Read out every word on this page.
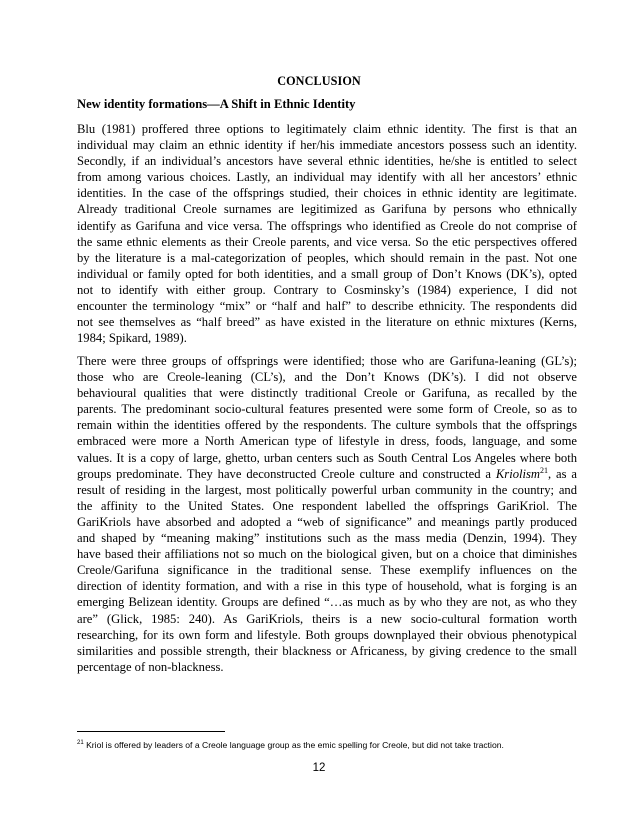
CONCLUSION
New identity formations—A Shift in Ethnic Identity
Blu (1981) proffered three options to legitimately claim ethnic identity. The first is that an
individual may claim an ethnic identity if her/his immediate ancestors possess such an identity.
Secondly, if an individual’s ancestors have several ethnic identities, he/she is entitled to select
from among various choices. Lastly, an individual may identify with all her ancestors’ ethnic
identities. In the case of the offsprings studied, their choices in ethnic identity are legitimate.
Already traditional Creole surnames are legitimized as Garifuna by persons who ethnically
identify as Garifuna and vice versa. The offsprings who identified as Creole do not comprise of
the same ethnic elements as their Creole parents, and vice versa. So the etic perspectives offered
by the literature is a mal-categorization of peoples, which should remain in the past. Not one
individual or family opted for both identities, and a small group of Don’t Knows (DK’s), opted
not to identify with either group. Contrary to Cosminsky’s (1984) experience, I did not
encounter the terminology “mix” or “half and half” to describe ethnicity. The respondents did
not see themselves as “half breed” as have existed in the literature on ethnic mixtures (Kerns,
1984; Spikard, 1989).
There were three groups of offsprings were identified; those who are Garifuna-leaning (GL’s);
those who are Creole-leaning (CL’s), and the Don’t Knows (DK’s). I did not observe
behavioural qualities that were distinctly traditional Creole or Garifuna, as recalled by the
parents. The predominant socio-cultural features presented were some form of Creole, so as to
remain within the identities offered by the respondents. The culture symbols that the offsprings
embraced were more a North American type of lifestyle in dress, foods, language, and some
values. It is a copy of large, ghetto, urban centers such as South Central Los Angeles where both
groups predominate. They have deconstructed Creole culture and constructed a Kriolism$^{21}$, as a
result of residing in the largest, most politically powerful urban community in the country; and
the affinity to the United States. One respondent labelled the offsprings GariKriol. The
GariKriols have absorbed and adopted a “web of significance” and meanings partly produced
and shaped by “meaning making” institutions such as the mass media (Denzin, 1994). They
have based their affiliations not so much on the biological given, but on a choice that diminishes
Creole/Garifuna significance in the traditional sense. These exemplify influences on the
direction of identity formation, and with a rise in this type of household, what is forging is an
emerging Belizean identity. Groups are defined “…as much as by who they are not, as who they
are” (Glick, 1985: 240). As GariKriols, theirs is a new socio-cultural formation worth
researching, for its own form and lifestyle. Both groups downplayed their obvious phenotypical
similarities and possible strength, their blackness or Africaness, by giving credence to the small
percentage of non-blackness.
$^{21}$ Kriol is offered by leaders of a Creole language group as the emic spelling for Creole, but did not take traction.
12
